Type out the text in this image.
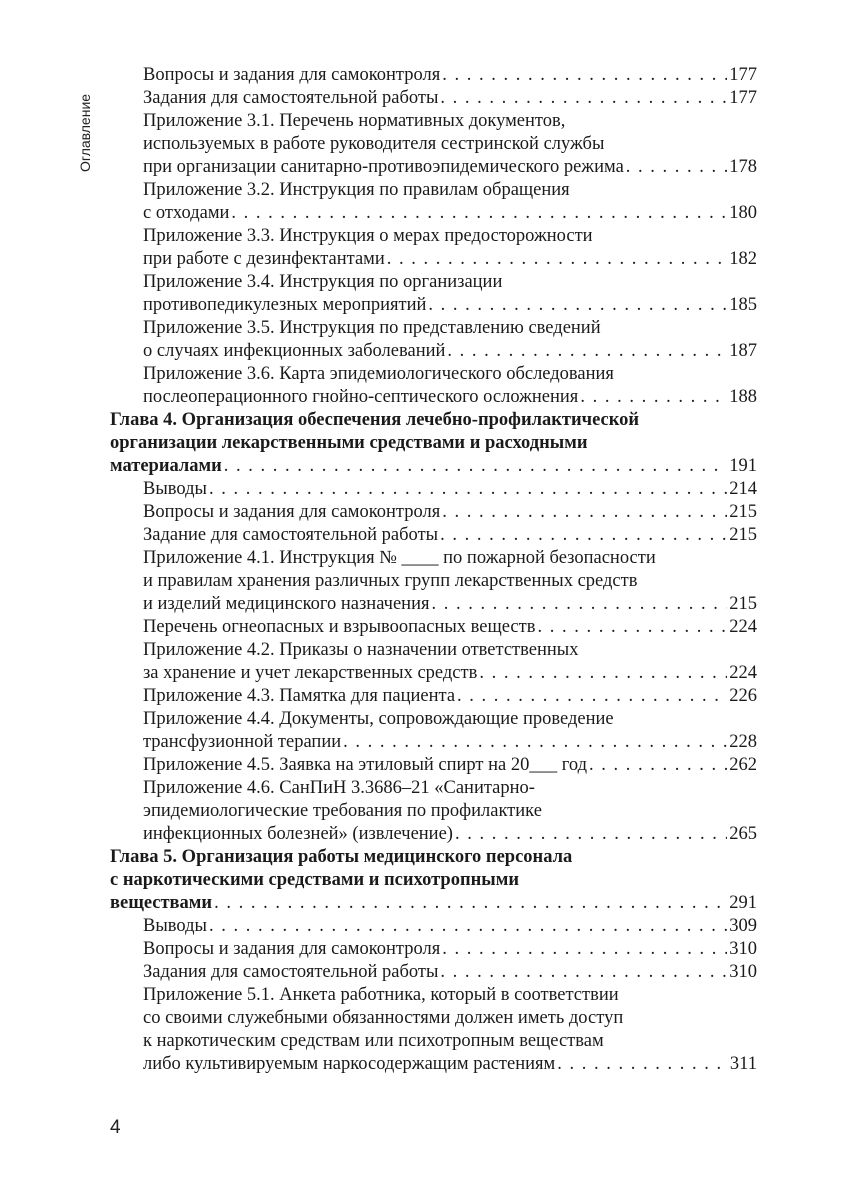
Оглавление
Вопросы и задания для самоконтроля . . .	177
Задания для самостоятельной работы . . .	177
Приложение 3.1. Перечень нормативных документов,
используемых в работе руководителя сестринской службы
при организации санитарно-противоэпидемического режима . . .	178
Приложение 3.2. Инструкция по правилам обращения
с отходами . . .	180
Приложение 3.3. Инструкция о мерах предосторожности
при работе с дезинфектантами . . .	182
Приложение 3.4. Инструкция по организации
противопедикулезных мероприятий . . .	185
Приложение 3.5. Инструкция по представлению сведений
о случаях инфекционных заболеваний . . .	187
Приложение 3.6. Карта эпидемиологического обследования
послеоперационного гнойно-септического осложнения . . .	188
Глава 4. Организация обеспечения лечебно-профилактической
организации лекарственными средствами и расходными
материалами . . .	191
Выводы . . .	214
Вопросы и задания для самоконтроля . . .	215
Задание для самостоятельной работы . . .	215
Приложение 4.1. Инструкция № ____ по пожарной безопасности
и правилам хранения различных групп лекарственных средств
и изделий медицинского назначения . . .	215
Перечень огнеопасных и взрывоопасных веществ . . .	224
Приложение 4.2. Приказы о назначении ответственных
за хранение и учет лекарственных средств . . .	224
Приложение 4.3. Памятка для пациента . . .	226
Приложение 4.4. Документы, сопровождающие проведение
трансфузионной терапии . . .	228
Приложение 4.5. Заявка на этиловый спирт на 20___ год . . .	262
Приложение 4.6. СанПиН 3.3686–21 «Санитарно-
эпидемиологические требования по профилактике
инфекционных болезней» (извлечение) . . .	265
Глава 5. Организация работы медицинского персонала
с наркотическими средствами и психотропными
веществами . . .	291
Выводы . . .	309
Вопросы и задания для самоконтроля . . .	310
Задания для самостоятельной работы . . .	310
Приложение 5.1. Анкета работника, который в соответствии
со своими служебными обязанностями должен иметь доступ
к наркотическим средствам или психотропным веществам
либо культивируемым наркосодержащим растениям . . .	311
4
